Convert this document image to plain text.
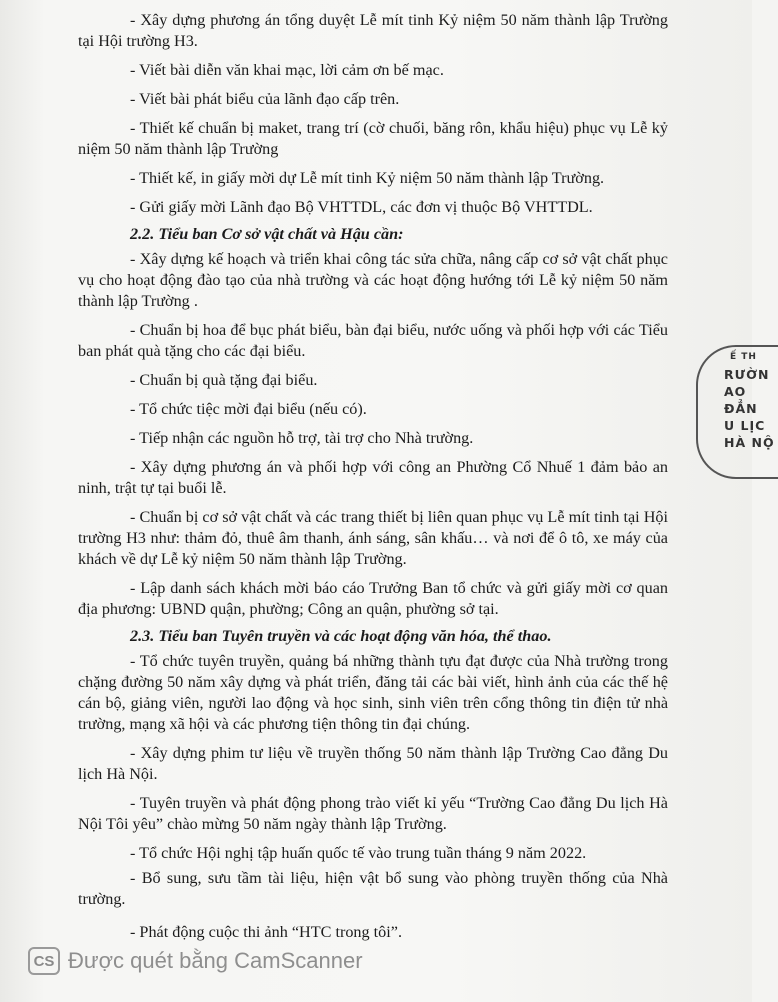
- Xây dựng phương án tổng duyệt Lễ mít tinh Kỷ niệm 50 năm thành lập Trường tại Hội trường H3.

- Viết bài diễn văn khai mạc, lời cảm ơn bế mạc.

- Viết bài phát biểu của lãnh đạo cấp trên.

- Thiết kế chuẩn bị maket, trang trí (cờ chuối, băng rôn, khẩu hiệu) phục vụ Lễ kỷ niệm 50 năm thành lập Trường

- Thiết kế, in giấy mời dự Lễ mít tinh Kỷ niệm 50 năm thành lập Trường.

- Gửi giấy mời Lãnh đạo Bộ VHTTDL, các đơn vị thuộc Bộ VHTTDL.

2.2. Tiểu ban Cơ sở vật chất và Hậu cần:

- Xây dựng kế hoạch và triển khai công tác sửa chữa, nâng cấp cơ sở vật chất phục vụ cho hoạt động đào tạo của nhà trường và các hoạt động hướng tới Lễ kỷ niệm 50 năm thành lập Trường .

- Chuẩn bị hoa để bục phát biểu, bàn đại biểu, nước uống và phối hợp với các Tiểu ban phát quà tặng cho các đại biểu.

- Chuẩn bị quà tặng đại biểu.

- Tổ chức tiệc mời đại biểu (nếu có).

- Tiếp nhận các nguồn hỗ trợ, tài trợ cho Nhà trường.

- Xây dựng phương án và phối hợp với công an Phường Cổ Nhuế 1 đảm bảo an ninh, trật tự tại buổi lễ.

- Chuẩn bị cơ sở vật chất và các trang thiết bị liên quan phục vụ Lễ mít tinh tại Hội trường H3 như: thảm đỏ, thuê âm thanh, ánh sáng, sân khấu… và nơi để ô tô, xe máy của khách về dự Lễ kỷ niệm 50 năm thành lập Trường.

- Lập danh sách khách mời báo cáo Trưởng Ban tổ chức và gửi giấy mời cơ quan địa phương: UBND quận, phường; Công an quận, phường sở tại.

2.3. Tiểu ban Tuyên truyền và các hoạt động văn hóa, thể thao.

- Tổ chức tuyên truyền, quảng bá những thành tựu đạt được của Nhà trường trong chặng đường 50 năm xây dựng và phát triển, đăng tải các bài viết, hình ảnh của các thế hệ cán bộ, giảng viên, người lao động và học sinh, sinh viên trên cổng thông tin điện tử nhà trường, mạng xã hội và các phương tiện thông tin đại chúng.

- Xây dựng phim tư liệu về truyền thống 50 năm thành lập Trường Cao đẳng Du lịch Hà Nội.

- Tuyên truyền và phát động phong trào viết kỉ yếu “Trường Cao đẳng Du lịch Hà Nội Tôi yêu” chào mừng 50 năm ngày thành lập Trường.

- Tổ chức Hội nghị tập huấn quốc tế vào trung tuần tháng 9 năm 2022.

- Bổ sung, sưu tầm tài liệu, hiện vật bổ sung vào phòng truyền thống của Nhà trường.

- Phát động cuộc thi ảnh “HTC trong tôi”.

Ế TH
RƯỜN
AO ĐẲN
U LỊC
HÀ NỘ
CS Được quét bằng CamScanner
